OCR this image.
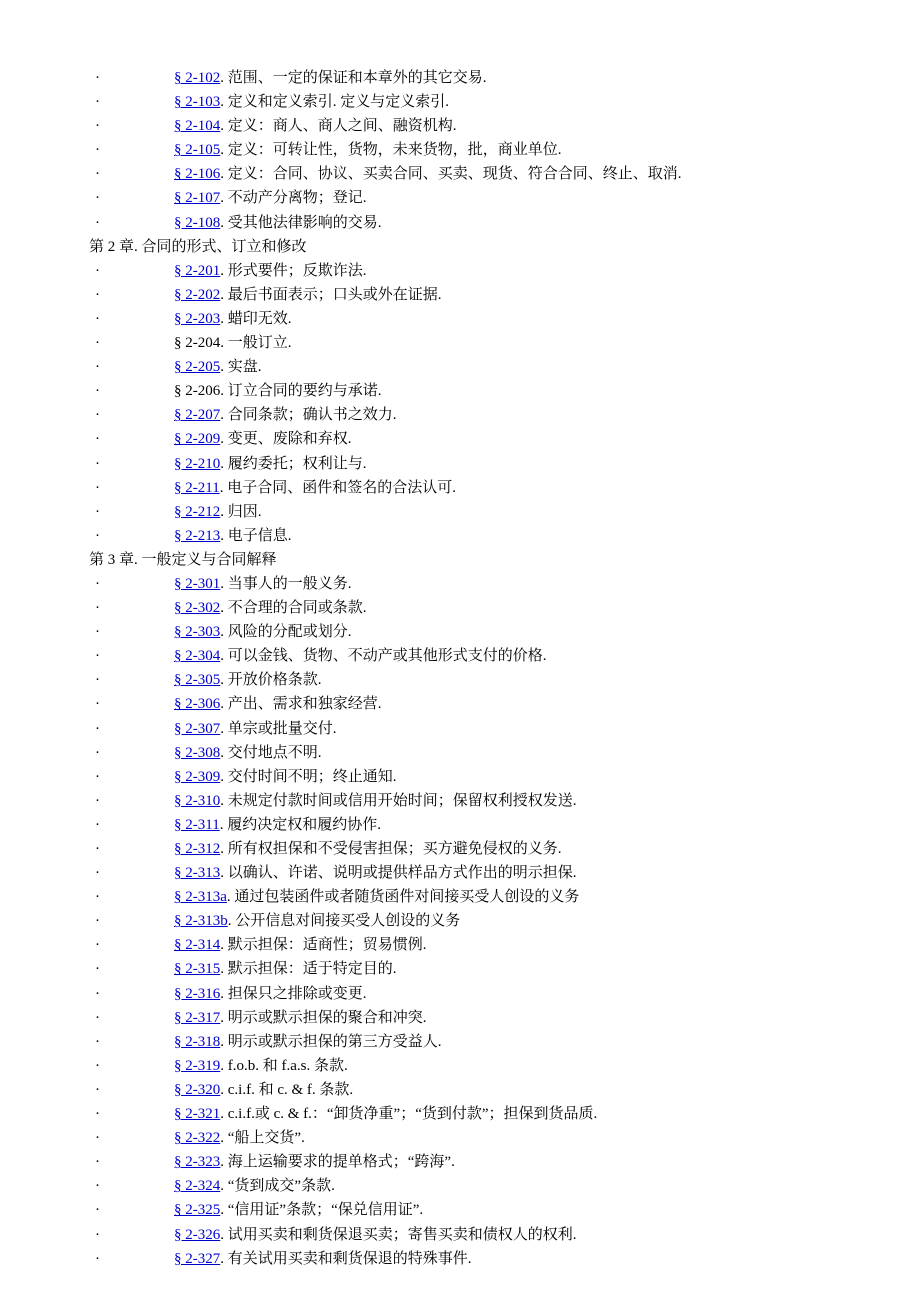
·	§ 2-102. 范围、一定的保证和本章外的其它交易.
·	§ 2-103. 定义和定义索引. 定义与定义索引.
·	§ 2-104. 定义：商人、商人之间、融资机构.
·	§ 2-105. 定义：可转让性，货物，未来货物，批，商业单位.
·	§ 2-106. 定义：合同、协议、买卖合同、买卖、现货、符合合同、终止、取消.
·	§ 2-107. 不动产分离物；登记.
·	§ 2-108. 受其他法律影响的交易.
第 2 章. 合同的形式、订立和修改
·	§ 2-201. 形式要件；反欺诈法.
·	§ 2-202. 最后书面表示；口头或外在证据.
·	§ 2-203. 蜡印无效.
·	§ 2-204. 一般订立.
·	§ 2-205. 实盘.
·	§ 2-206. 订立合同的要约与承诺.
·	§ 2-207. 合同条款；确认书之效力.
·	§ 2-209. 变更、废除和弃权.
·	§ 2-210. 履约委托；权利让与.
·	§ 2-211. 电子合同、函件和签名的合法认可.
·	§ 2-212. 归因.
·	§ 2-213. 电子信息.
第 3 章. 一般定义与合同解释
·	§ 2-301. 当事人的一般义务.
·	§ 2-302. 不合理的合同或条款.
·	§ 2-303. 风险的分配或划分.
·	§ 2-304. 可以金钱、货物、不动产或其他形式支付的价格.
·	§ 2-305. 开放价格条款.
·	§ 2-306. 产出、需求和独家经营.
·	§ 2-307. 单宗或批量交付.
·	§ 2-308. 交付地点不明.
·	§ 2-309. 交付时间不明；终止通知.
·	§ 2-310. 未规定付款时间或信用开始时间；保留权利授权发送.
·	§ 2-311. 履约决定权和履约协作.
·	§ 2-312. 所有权担保和不受侵害担保；买方避免侵权的义务.
·	§ 2-313. 以确认、许诺、说明或提供样品方式作出的明示担保.
·	§ 2-313a. 通过包装函件或者随货函件对间接买受人创设的义务
·	§ 2-313b. 公开信息对间接买受人创设的义务
·	§ 2-314. 默示担保：适商性；贸易惯例.
·	§ 2-315. 默示担保：适于特定目的.
·	§ 2-316. 担保只之排除或变更.
·	§ 2-317. 明示或默示担保的聚合和冲突.
·	§ 2-318. 明示或默示担保的第三方受益人.
·	§ 2-319. f.o.b. 和 f.a.s. 条款.
·	§ 2-320. c.i.f. 和 c. & f. 条款.
·	§ 2-321. c.i.f.或 c. & f.：“卸货净重”；“货到付款”；担保到货品质.
·	§ 2-322. “船上交货”.
·	§ 2-323. 海上运输要求的提单格式；“跨海”.
·	§ 2-324. “货到成交”条款.
·	§ 2-325. “信用证”条款；“保兑信用证”.
·	§ 2-326. 试用买卖和剩货保退买卖；寄售买卖和债权人的权利.
·	§ 2-327. 有关试用买卖和剩货保退的特殊事件.
